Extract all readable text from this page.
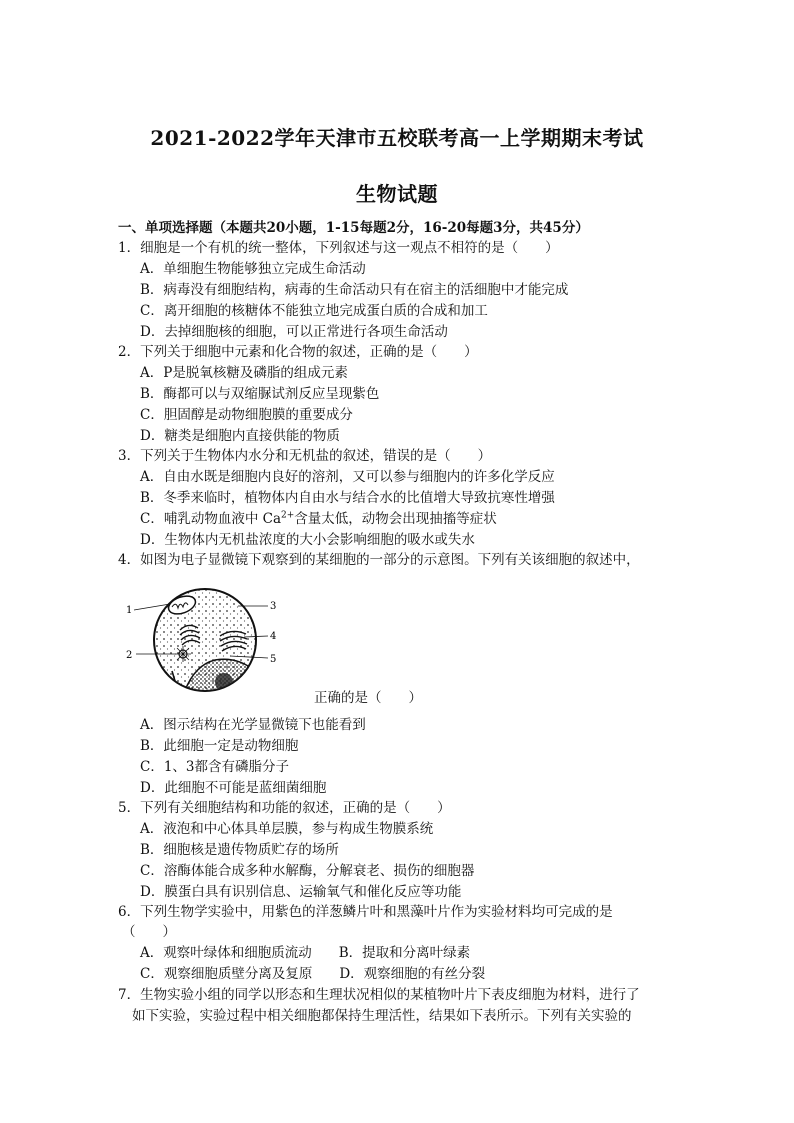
2021-2022学年天津市五校联考高一上学期期末考试
生物试题
一、单项选择题（本题共20小题，1-15每题2分，16-20每题3分，共45分）
1．细胞是一个有机的统一整体，下列叙述与这一观点不相符的是（　　）
A．单细胞生物能够独立完成生命活动
B．病毒没有细胞结构，病毒的生命活动只有在宿主的活细胞中才能完成
C．离开细胞的核糖体不能独立地完成蛋白质的合成和加工
D．去掉细胞核的细胞，可以正常进行各项生命活动
2．下列关于细胞中元素和化合物的叙述，正确的是（　　）
A．P是脱氧核糖及磷脂的组成元素
B．酶都可以与双缩脲试剂反应呈现紫色
C．胆固醇是动物细胞膜的重要成分
D．糖类是细胞内直接供能的物质
3．下列关于生物体内水分和无机盐的叙述，错误的是（　　）
A．自由水既是细胞内良好的溶剂，又可以参与细胞内的许多化学反应
B．冬季来临时，植物体内自由水与结合水的比值增大导致抗寒性增强
C．哺乳动物血液中 $Ca^{2+}$含量太低，动物会出现抽搐等症状
D．生物体内无机盐浓度的大小会影响细胞的吸水或失水
4．如图为电子显微镜下观察到的某细胞的一部分的示意图。下列有关该细胞的叙述中，
1
2
3
4
5
正确的是（　　）
A．图示结构在光学显微镜下也能看到
B．此细胞一定是动物细胞
C．1、3都含有磷脂分子
D．此细胞不可能是蓝细菌细胞
5．下列有关细胞结构和功能的叙述，正确的是（　　）
A．液泡和中心体具单层膜，参与构成生物膜系统
B．细胞核是遗传物质贮存的场所
C．溶酶体能合成多种水解酶，分解衰老、损伤的细胞器
D．膜蛋白具有识别信息、运输氧气和催化反应等功能
6．下列生物学实验中，用紫色的洋葱鳞片叶和黑藻叶片作为实验材料均可完成的是
（　　）
A．观察叶绿体和细胞质流动　　B．提取和分离叶绿素
C．观察细胞质壁分离及复原　　D．观察细胞的有丝分裂
7．生物实验小组的同学以形态和生理状况相似的某植物叶片下表皮细胞为材料，进行了
如下实验，实验过程中相关细胞都保持生理活性，结果如下表所示。下列有关实验的
